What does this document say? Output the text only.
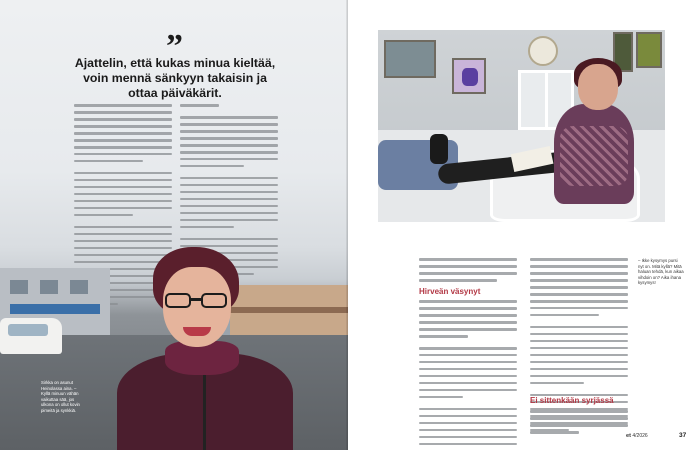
”
Ajattelin, että kukas minua kieltää,
voin mennä sänkyyn takaisin ja
ottaa päiväkärit.
Sirkka on asunut Heinolassa aina. – Kyllä minuun vähän vaikuttaa sää, jos ulkona on ollut kovin pimeitä ja synkkiä.
Hirveän väsynyt
Ei sittenkään syrjässä
– Ikke kysymys pursi nyt on. Mitä kyllä? Mitä haluan tehdä, kun aikaa vihdoin on? Aika ihana kysymys!
et 4/2026	37
